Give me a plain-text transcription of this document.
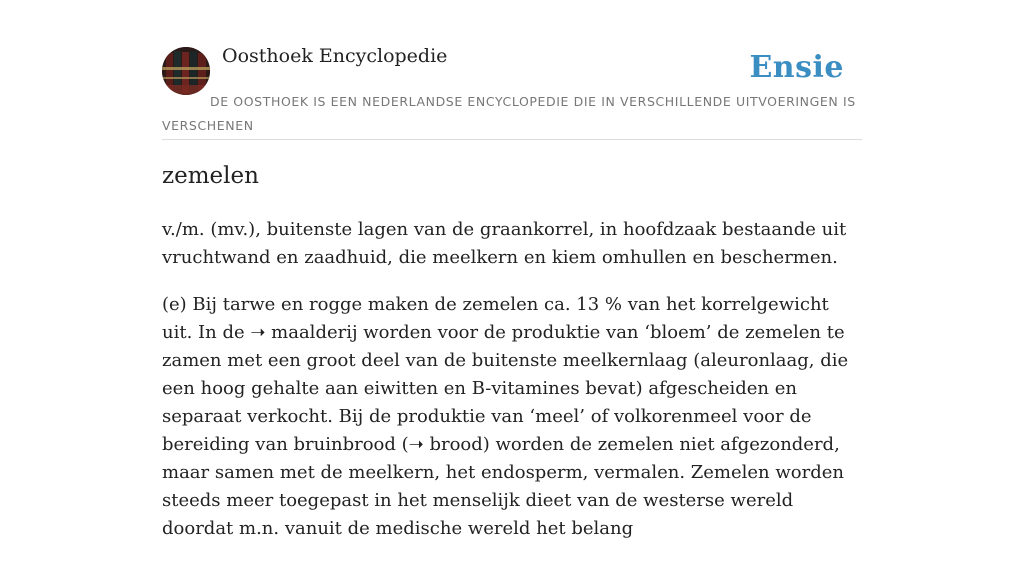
Oosthoek Encyclopedie	Ensie
DE OOSTHOEK IS EEN NEDERLANDSE ENCYCLOPEDIE DIE IN VERSCHILLENDE UITVOERINGEN IS VERSCHENEN
zemelen

v./m. (mv.), buitenste lagen van de graankorrel, in hoofdzaak bestaande uit vruchtwand en zaadhuid, die meelkern en kiem omhullen en beschermen.

(e) Bij tarwe en rogge maken de zemelen ca. 13 % van het korrelgewicht uit. In de ➝ maalderij worden voor de produktie van ‘bloem’ de zemelen te zamen met een groot deel van de buitenste meelkernlaag (aleuronlaag, die een hoog gehalte aan eiwitten en B-vitamines bevat) afgescheiden en separaat verkocht. Bij de produktie van ‘meel’ of volkorenmeel voor de bereiding van bruinbrood (➝ brood) worden de zemelen niet afgezonderd, maar samen met de meelkern, het endosperm, vermalen. Zemelen worden steeds meer toegepast in het menselijk dieet van de westerse wereld doordat m.n. vanuit de medische wereld het belang
